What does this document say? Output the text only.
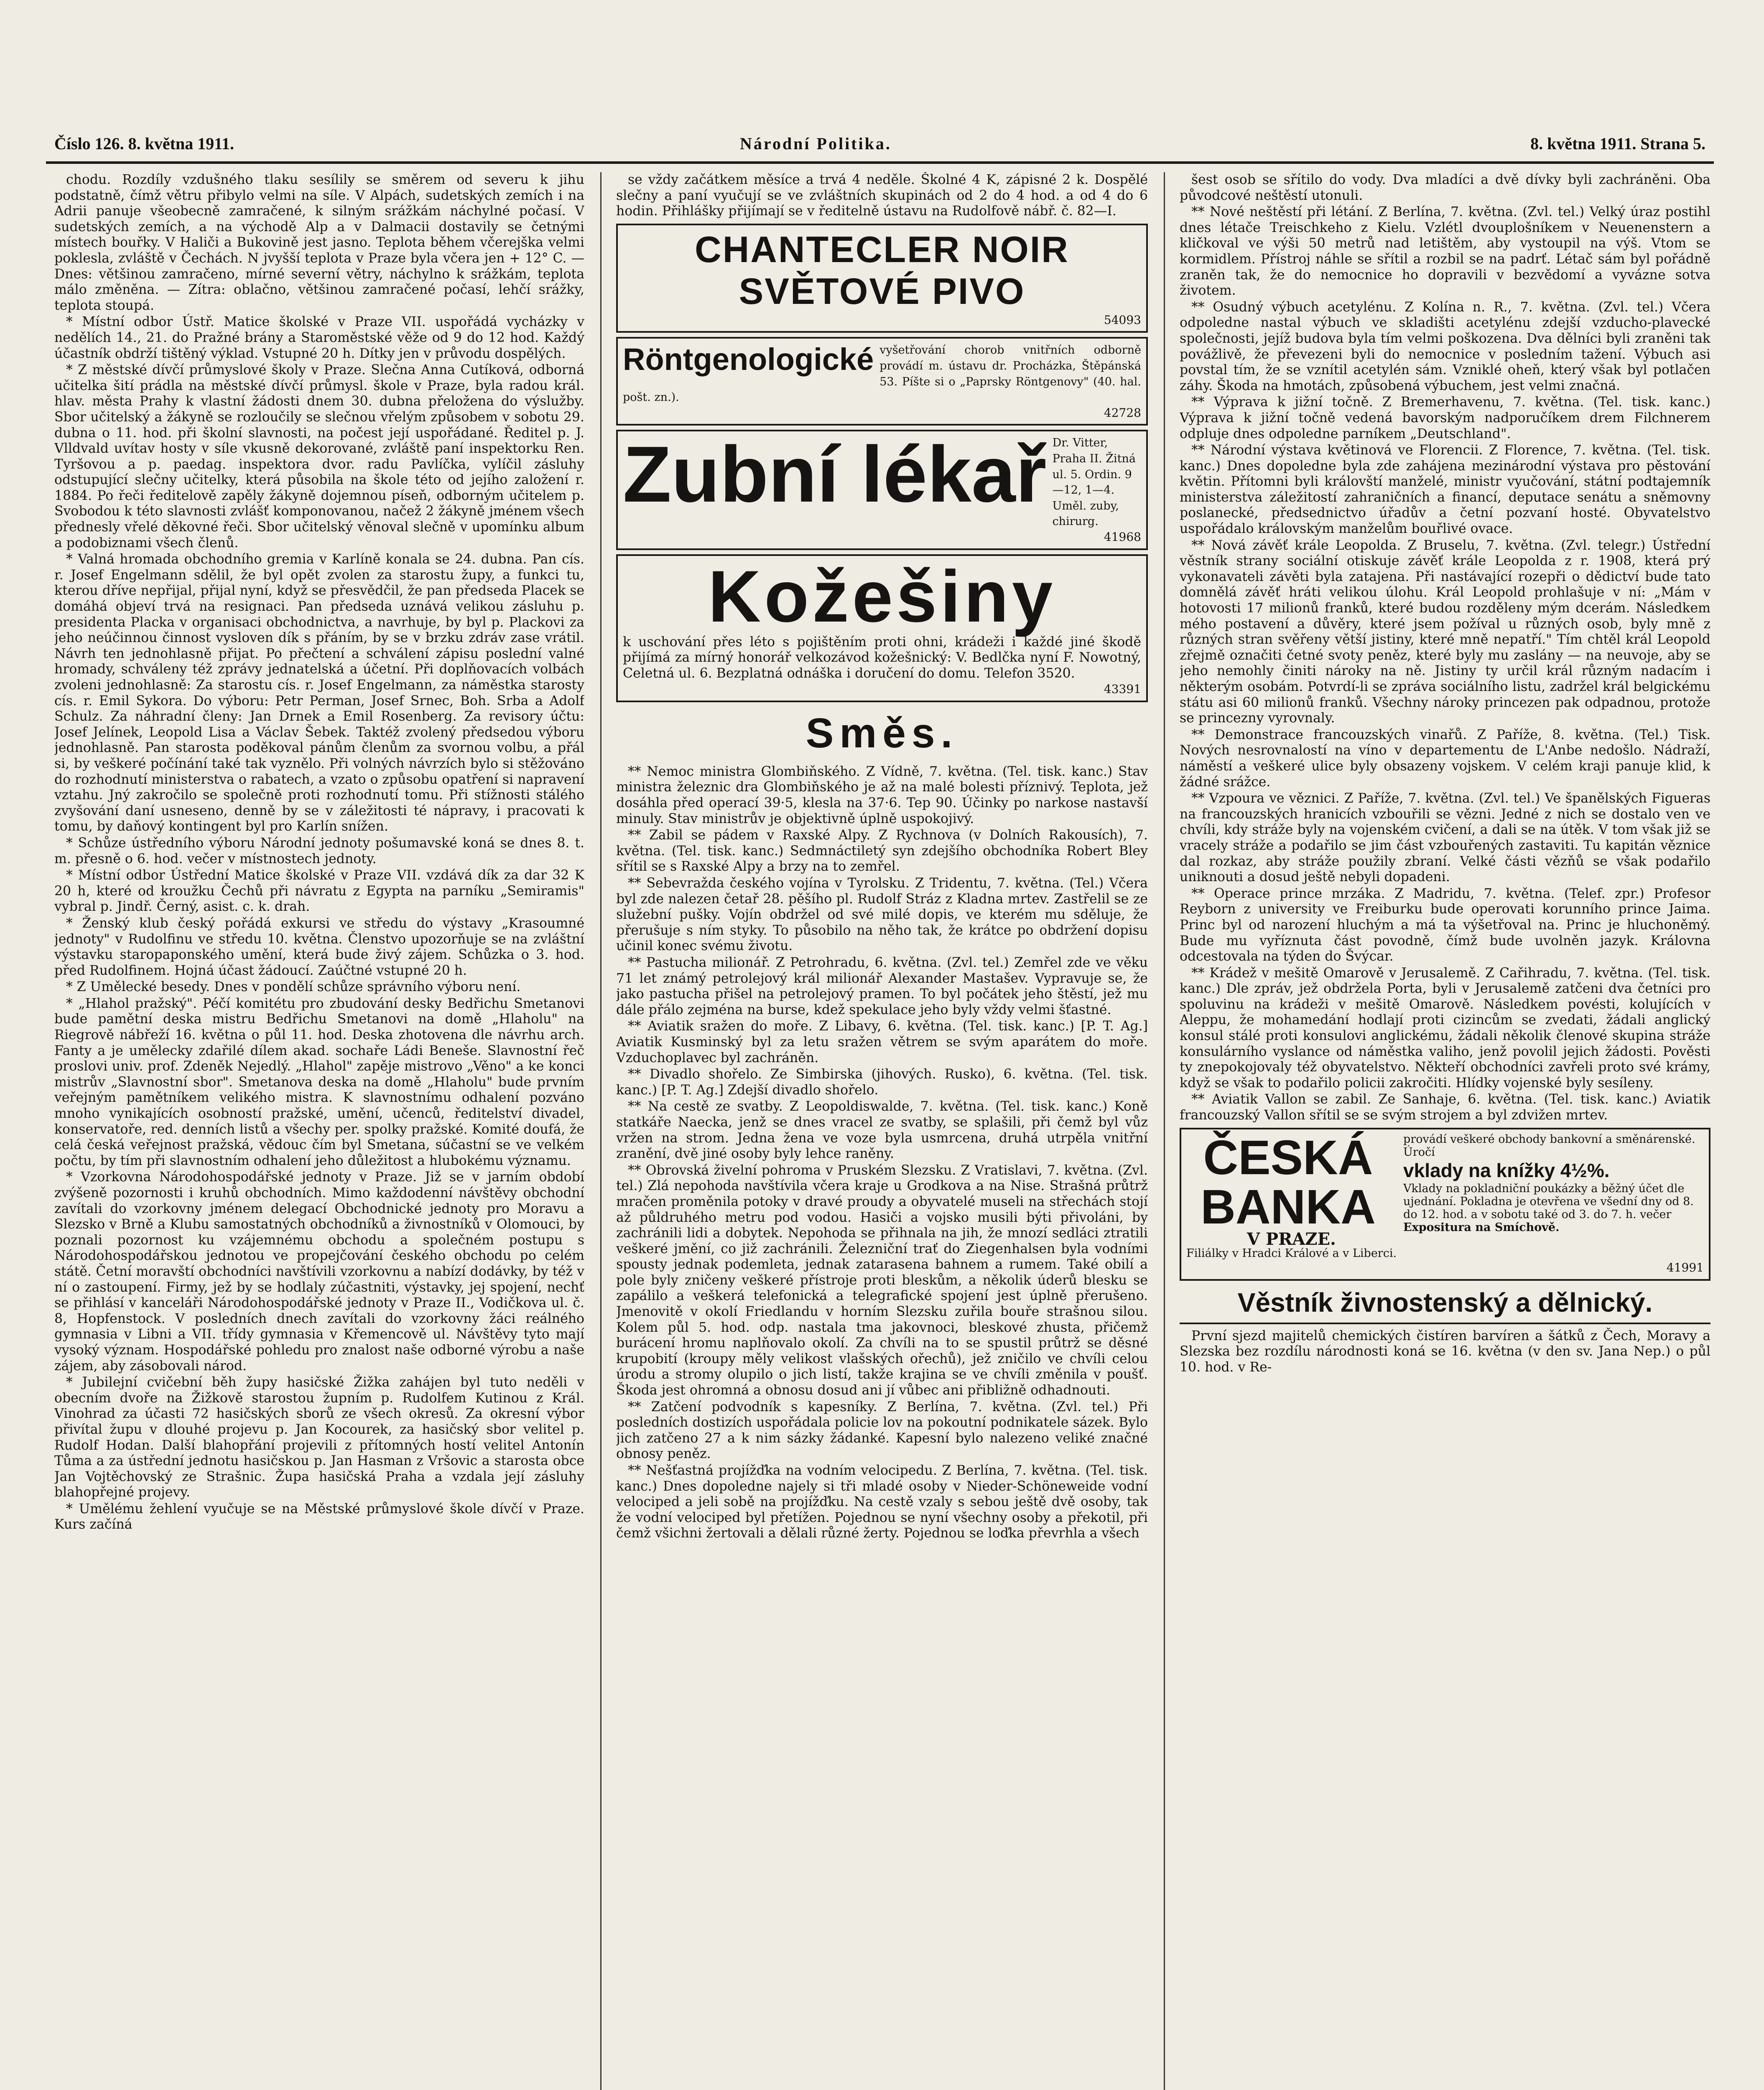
Číslo 126. 8. května 1911.	Národní Politika.	8. května 1911. Strana 5.

chodu. Rozdíly vzdušného tlaku sesílily se směrem od severu k jihu podstatně, čímž větru přibylo velmi na síle. V Alpách, sudetských zemích i na Adrii panuje všeobecně zamračené, k silným srážkám náchylné počasí. V sudetských zemích, a na východě Alp a v Dalmacii dostavily se četnými místech bouřky. V Haliči a Bukovině jest jasno. Teplota během včerejška velmi poklesla, zvláště v Čechách. N jvyšší teplota v Praze byla včera jen + 12° C. — Dnes: většinou zamračeno, mírné severní větry, náchylno k srážkám, teplota málo změněna. — Zítra: oblačno, většinou zamračené počasí, lehčí srážky, teplota stoupá.

* Místní odbor Ústř. Matice školské v Praze VII. uspořádá vycházky v nedělích 14., 21. do Pražné brány a Staroměstské věže od 9 do 12 hod. Každý účastník obdrží tištěný výklad. Vstupné 20 h. Dítky jen v průvodu dospělých.

* Z městské dívčí průmyslové školy v Praze. Slečna Anna Cutíková, odborná učitelka šití prádla na městské dívčí průmysl. škole v Praze, byla radou král. hlav. města Prahy k vlastní žádosti dnem 30. dubna přeložena do výslužby. Sbor učitelský a žákyně se rozloučily se slečnou vřelým způsobem v sobotu 29. dubna o 11. hod. při školní slavnosti, na počest její uspořádané. Ředitel p. J. Vlldvald uvítav hosty v síle vkusně dekorované, zvláště paní inspektorku Ren. Tyršovou a p. paedag. inspektora dvor. radu Pavlíčka, vylíčil zásluhy odstupující slečny učitelky, která působila na škole této od jejího založení r. 1884. Po řeči ředitelově zapěly žákyně dojemnou píseň, odborným učitelem p. Svobodou k této slavnosti zvlášť komponovanou, načež 2 žákyně jménem všech přednesly vřelé děkovné řeči. Sbor učitelský věnoval slečně v upomínku album a podobiznami všech členů.

* Valná hromada obchodního gremia v Karlíně konala se 24. dubna. Pan cís. r. Josef Engelmann sdělil, že byl opět zvolen za starostu župy, a funkci tu, kterou dříve nepřijal, přijal nyní, když se přesvědčil, že pan předseda Placek se domáhá objeví trvá na resignaci. Pan předseda uznává velikou zásluhu p. presidenta Placka v organisaci obchodnictva, a navrhuje, by byl p. Plackovi za jeho neúčinnou činnost vysloven dík s přáním, by se v brzku zdráv zase vrátil. Návrh ten jednohlasně přijat. Po přečtení a schválení zápisu poslední valné hromady, schváleny též zprávy jednatelská a účetní. Při doplňovacích volbách zvoleni jednohlasně: Za starostu cís. r. Josef Engelmann, za náměstka starosty cís. r. Emil Sykora. Do výboru: Petr Perman, Josef Srnec, Boh. Srba a Adolf Schulz. Za náhradní členy: Jan Drnek a Emil Rosenberg. Za revisory účtu: Josef Jelínek, Leopold Lisa a Václav Šebek. Taktéž zvolený předsedou výboru jednohlasně. Pan starosta poděkoval pánům členům za svornou volbu, a přál si, by veškeré počínání také tak vyznělo. Při volných návrzích bylo si stěžováno do rozhodnutí ministerstva o rabatech, a vzato o způsobu opatření si napravení vztahu. Jný zakročilo se společně proti rozhodnutí tomu. Při stížnosti stálého zvyšování daní usneseno, denně by se v záležitosti té nápravy, i pracovati k tomu, by daňový kontingent byl pro Karlín snížen.

* Schůze ústředního výboru Národní jednoty pošumavské koná se dnes 8. t. m. přesně o 6. hod. večer v místnostech jednoty.

* Místní odbor Ústřední Matice školské v Praze VII. vzdává dík za dar 32 K 20 h, které od kroužku Čechů při návratu z Egypta na parníku „Semiramis" vybral p. Jindř. Černý, asist. c. k. drah.

* Ženský klub český pořádá exkursi ve středu do výstavy „Krasoumné jednoty" v Rudolfinu ve středu 10. května. Členstvo upozorňuje se na zvláštní výstavku staropaponského umění, která bude živý zájem. Schůzka o 3. hod. před Rudolfinem. Hojná účast žádoucí. Zaúčtné vstupné 20 h.

* Z Umělecké besedy. Dnes v pondělí schůze správního výboru není.

* „Hlahol pražský". Péčí komitétu pro zbudování desky Bedřichu Smetanovi bude pamětní deska mistru Bedřichu Smetanovi na domě „Hlaholu" na Riegrově nábřeží 16. května o půl 11. hod. Deska zhotovena dle návrhu arch. Fanty a je umělecky zdařilé dílem akad. sochaře Ládi Beneše. Slavnostní řeč proslovi univ. prof. Zdeněk Nejedlý. „Hlahol" zapěje mistrovo „Věno" a ke konci mistrův „Slavnostní sbor". Smetanova deska na domě „Hlaholu" bude prvním veřejným pamětníkem velikého mistra. K slavnostnímu odhalení pozváno mnoho vynikajících osobností pražské, umění, učenců, ředitelství divadel, konservatoře, red. denních listů a všechy per. spolky pražské. Komité doufá, že celá česká veřejnost pražská, vědouc čím byl Smetana, súčastní se ve velkém počtu, by tím při slavnostním odhalení jeho důležitost a hlubokému významu.

* Vzorkovna Národohospodářské jednoty v Praze. Již se v jarním období zvýšeně pozornosti i kruhů obchodních. Mimo každodenní návštěvy obchodní zavítali do vzorkovny jménem delegací Obchodnické jednoty pro Moravu a Slezsko v Brně a Klubu samostatných obchodníků a živnostníků v Olomouci, by poznali pozornost ku vzájemnému obchodu a společném postupu s Národohospodářskou jednotou ve propejčování českého obchodu po celém státě. Četní moravští obchodníci navštívili vzorkovnu a nabízí dodávky, by též v ní o zastoupení. Firmy, jež by se hodlaly zúčastniti, výstavky, jej spojení, nechť se přihlásí v kanceláři Národohospodářské jednoty v Praze II., Vodičkova ul. č. 8, Hopfenstock. V posledních dnech zavítali do vzorkovny žáci reálného gymnasia v Libni a VII. třídy gymnasia v Křemencově ul. Návštěvy tyto mají vysoký význam. Hospodářské pohledu pro znalost naše odborné výrobu a naše zájem, aby zásobovali národ.

* Jubilejní cvičební běh župy hasičské Žižka zahájen byl tuto neděli v obecním dvoře na Žižkově starostou župním p. Rudolfem Kutinou z Král. Vinohrad za účasti 72 hasičských sborů ze všech okresů. Za okresní výbor přivítal župu v dlouhé projevu p. Jan Kocourek, za hasičský sbor velitel p. Rudolf Hodan. Další blahopřání projevili z přítomných hostí velitel Antonín Tůma a za ústřední jednotu hasičskou p. Jan Hasman z Vršovic a starosta obce Jan Vojtěchovský ze Strašnic. Župa hasičská Praha a vzdala její zásluhy blahopřejné projevy.

* Umělému žehlení vyučuje se na Městské průmyslové škole dívčí v Praze. Kurs začíná

se vždy začátkem měsíce a trvá 4 neděle. Školné 4 K, zápisné 2 k. Dospělé slečny a paní vyučují se ve zvláštních skupinách od 2 do 4 hod. a od 4 do 6 hodin. Přihlášky přijímají se v ředitelně ústavu na Rudolfově nábř. č. 82—I.

CHANTECLER NOIR
SVĚTOVÉ PIVO
54093
Röntgenologické vyšetřování chorob vnitřních odborně provádí m. ústavu dr. Procházka, Štěpánská 53. Píšte si o „Paprsky Röntgenovy" (40. hal. pošt. zn.).
42728
Zubní lékař Dr. Vitter, Praha II. Žitná ul. 5. Ordin. 9—12, 1—4. Uměl. zuby, chirurg.
41968
Kožešiny
k uschování přes léto s pojištěním proti ohni, krádeži i každé jiné škodě přijímá za mírný honorář velkozávod kožešnický: V. Bedlčka nyní F. Nowotný, Celetná ul. 6. Bezplatná odnáška i doručení do domu. Telefon 3520.
43391
Směs.

** Nemoc ministra Glombiňského. Z Vídně, 7. května. (Tel. tisk. kanc.) Stav ministra železnic dra Glombiňského je až na malé bolesti příznivý. Teplota, jež dosáhla před operací 39·5, klesla na 37·6. Tep 90. Účinky po narkose nastavší minuly. Stav ministrův je objektivně úplně uspokojivý.

** Zabil se pádem v Raxské Alpy. Z Rychnova (v Dolních Rakousích), 7. května. (Tel. tisk. kanc.) Sedmnáctiletý syn zdejšího obchodníka Robert Bley sřítil se s Raxské Alpy a brzy na to zemřel.

** Sebevražda českého vojína v Tyrolsku. Z Tridentu, 7. května. (Tel.) Včera byl zde nalezen četař 28. pěšího pl. Rudolf Stráz z Kladna mrtev. Zastřelil se ze služební pušky. Vojín obdržel od své milé dopis, ve kterém mu sděluje, že přerušuje s ním styky. To působilo na něho tak, že krátce po obdržení dopisu učinil konec svému životu.

** Pastucha milionář. Z Petrohradu, 6. května. (Zvl. tel.) Zemřel zde ve věku 71 let známý petrolejový král milionář Alexander Mastašev. Vypravuje se, že jako pastucha přišel na petrolejový pramen. To byl počátek jeho štěstí, jež mu dále přálo zejména na burse, kdež spekulace jeho byly vždy velmi šťastné.

** Aviatik sražen do moře. Z Libavy, 6. května. (Tel. tisk. kanc.) [P. T. Ag.] Aviatik Kusminský byl za letu sražen větrem se svým aparátem do moře. Vzduchoplavec byl zachráněn.

** Divadlo shořelo. Ze Simbirska (jihových. Rusko), 6. května. (Tel. tisk. kanc.) [P. T. Ag.] Zdejší divadlo shořelo.

** Na cestě ze svatby. Z Leopoldiswalde, 7. května. (Tel. tisk. kanc.) Koně statkáře Naecka, jenž se dnes vracel ze svatby, se splašili, při čemž byl vůz vržen na strom. Jedna žena ve voze byla usmrcena, druhá utrpěla vnitřní zranění, dvě jiné osoby byly lehce raněny.

** Obrovská živelní pohroma v Pruském Slezsku. Z Vratislavi, 7. května. (Zvl. tel.) Zlá nepohoda navštívila včera kraje u Grodkova a na Nise. Strašná průtrž mračen proměnila potoky v dravé proudy a obyvatelé museli na střechách stojí až půldruhého metru pod vodou. Hasiči a vojsko musili býti přivoláni, by zachránili lidi a dobytek. Nepohoda se přihnala na jih, že mnozí sedláci ztratili veškeré jmění, co již zachránili. Železniční trať do Ziegenhalsen byla vodními spousty jednak podemleta, jednak zatarasena bahnem a rumem. Také obilí a pole byly zničeny veškeré přístroje proti bleskům, a několik úderů blesku se zapálilo a veškerá telefonická a telegrafické spojení jest úplně přerušeno. Jmenovitě v okolí Friedlandu v horním Slezsku zuřila bouře strašnou silou. Kolem půl 5. hod. odp. nastala tma jakovnoci, bleskové zhusta, přičemž burácení hromu naplňovalo okolí. Za chvíli na to se spustil průtrž se děsné krupobití (kroupy měly velikost vlašských ořechů), jež zničilo ve chvíli celou úrodu a stromy olupilo o jich listí, takže krajina se ve chvíli změnila v poušť. Škoda jest ohromná a obnosu dosud ani jí vůbec ani přibližně odhadnouti.

** Zatčení podvodník s kapesníky. Z Berlína, 7. května. (Zvl. tel.) Při posledních dostizích uspořádala policie lov na pokoutní podnikatele sázek. Bylo jich zatčeno 27 a k nim sázky žádanké. Kapesní bylo nalezeno veliké značné obnosy peněz.

** Nešťastná projížďka na vodním velocipedu. Z Berlína, 7. května. (Tel. tisk. kanc.) Dnes dopoledne najely si tři mladé osoby v Nieder-Schöneweide vodní velociped a jeli sobě na projížďku. Na cestě vzaly s sebou ještě dvě osoby, tak že vodní velociped byl přetížen. Pojednou se nyní všechny osoby a překotil, při čemž všichni žertovali a dělali různé žerty. Pojednou se loďka převrhla a všech

šest osob se sřítilo do vody. Dva mladíci a dvě dívky byli zachráněni. Oba původcové neštěstí utonuli.

** Nové neštěstí při létání. Z Berlína, 7. května. (Zvl. tel.) Velký úraz postihl dnes létače Treischkeho z Kielu. Vzlétl dvouplošníkem v Neuenenstern a kličkoval ve výši 50 metrů nad letištěm, aby vystoupil na výš. Vtom se kormidlem. Přístroj náhle se sřítil a rozbil se na padrť. Létač sám byl pořádně zraněn tak, že do nemocnice ho dopravili v bezvědomí a vyvázne sotva životem.

** Osudný výbuch acetylénu. Z Kolína n. R., 7. května. (Zvl. tel.) Včera odpoledne nastal výbuch ve skladišti acetylénu zdejší vzducho-plavecké společnosti, jejíž budova byla tím velmi poškozena. Dva dělníci byli zraněni tak povážlivě, že převezeni byli do nemocnice v posledním tažení. Výbuch asi povstal tím, že se vznítil acetylén sám. Vzniklé oheň, který však byl potlačen záhy. Škoda na hmotách, způsobená výbuchem, jest velmi značná.

** Výprava k jižní točně. Z Bremerhavenu, 7. května. (Tel. tisk. kanc.) Výprava k jižní točně vedená bavorským nadporučíkem drem Filchnerem odpluje dnes odpoledne parníkem „Deutschland".

** Národní výstava květinová ve Florencii. Z Florence, 7. května. (Tel. tisk. kanc.) Dnes dopoledne byla zde zahájena mezinárodní výstava pro pěstování květin. Přítomni byli královští manželé, ministr vyučování, státní podtajemník ministerstva záležitostí zahraničních a financí, deputace senátu a sněmovny poslanecké, předsednictvo úřadův a četní pozvaní hosté. Obyvatelstvo uspořádalo královským manželům bouřlivé ovace.

** Nová závěť krále Leopolda. Z Bruselu, 7. května. (Zvl. telegr.) Ústřední věstník strany sociální otiskuje závěť krále Leopolda z r. 1908, která prý vykonavateli závěti byla zatajena. Při nastávající rozepři o dědictví bude tato domnělá závěť hráti velikou úlohu. Král Leopold prohlašuje v ní: „Mám v hotovosti 17 milionů franků, které budou rozděleny mým dcerám. Následkem mého postavení a důvěry, které jsem požíval u různých osob, byly mně z různých stran svěřeny větší jistiny, které mně nepatří." Tím chtěl král Leopold zřejmě označiti četné svoty peněz, které byly mu zaslány — na neuvoje, aby se jeho nemohly činiti nároky na ně. Jistiny ty určil král různým nadacím i některým osobám. Potvrdí-li se zpráva sociálního listu, zadržel král belgickému státu asi 60 milionů franků. Všechny nároky princezen pak odpadnou, protože se princezny vyrovnaly.

** Demonstrace francouzských vinařů. Z Paříže, 8. května. (Tel.) Tisk. Nových nesrovnalostí na víno v departementu de L'Anbe nedošlo. Nádraží, náměstí a veškeré ulice byly obsazeny vojskem. V celém kraji panuje klid, k žádné srážce.

** Vzpoura ve věznici. Z Paříže, 7. května. (Zvl. tel.) Ve španělských Figueras na francouzských hranicích vzbouřili se vězni. Jedné z nich se dostalo ven ve chvíli, kdy stráže byly na vojenském cvičení, a dali se na útěk. V tom však již se vracely stráže a podařilo se jim část vzbouřených zastaviti. Tu kapitán věznice dal rozkaz, aby stráže použily zbraní. Velké části vězňů se však podařilo uniknouti a dosud ještě nebyli dopadeni.

** Operace prince mrzáka. Z Madridu, 7. května. (Telef. zpr.) Profesor Reyborn z university ve Freiburku bude operovati korunního prince Jaima. Princ byl od narození hluchým a má ta výšetřoval na. Princ je hluchoněmý. Bude mu vyříznuta část povodně, čímž bude uvolněn jazyk. Královna odcestovala na týden do Švýcar.

** Krádež v mešitě Omarově v Jerusalemě. Z Cařihradu, 7. května. (Tel. tisk. kanc.) Dle zpráv, jež obdržela Porta, byli v Jerusalemě zatčeni dva četníci pro spoluvinu na krádeži v mešitě Omarově. Následkem povésti, kolujících v Aleppu, že mohamedání hodlají proti cizincům se zvedati, žádali anglický konsul stálé proti konsulovi anglickému, žádali několik členové skupina stráže konsulárního vyslance od náměstka valiho, jenž povolil jejich žádosti. Pověsti ty znepokojovaly též obyvatelstvo. Někteří obchodníci zavřeli proto své krámy, když se však to podařilo policii zakročiti. Hlídky vojenské byly sesíleny.

** Aviatik Vallon se zabil. Ze Sanhaje, 6. května. (Tel. tisk. kanc.) Aviatik francouzský Vallon sřítil se se svým strojem a byl zdvižen mrtev.

ČESKÁ
BANKA
V PRAZE.
Filiálky v Hradci Králové a v Liberci.
provádí veškeré obchody bankovní a směnárenské. Úročí
vklady na knížky 4½%.
Vklady na pokladniční poukázky a běžný účet dle ujednání. Pokladna je otevřena ve všední dny od 8. do 12. hod. a v sobotu také od 3. do 7. h. večer
Expositura na Smíchově.
41991
Věstník živnostenský a dělnický.

První sjezd majitelů chemických čistíren barvíren a šátků z Čech, Moravy a Slezska bez rozdílu národnosti koná se 16. května (v den sv. Jana Nep.) o půl 10. hod. v Re-
